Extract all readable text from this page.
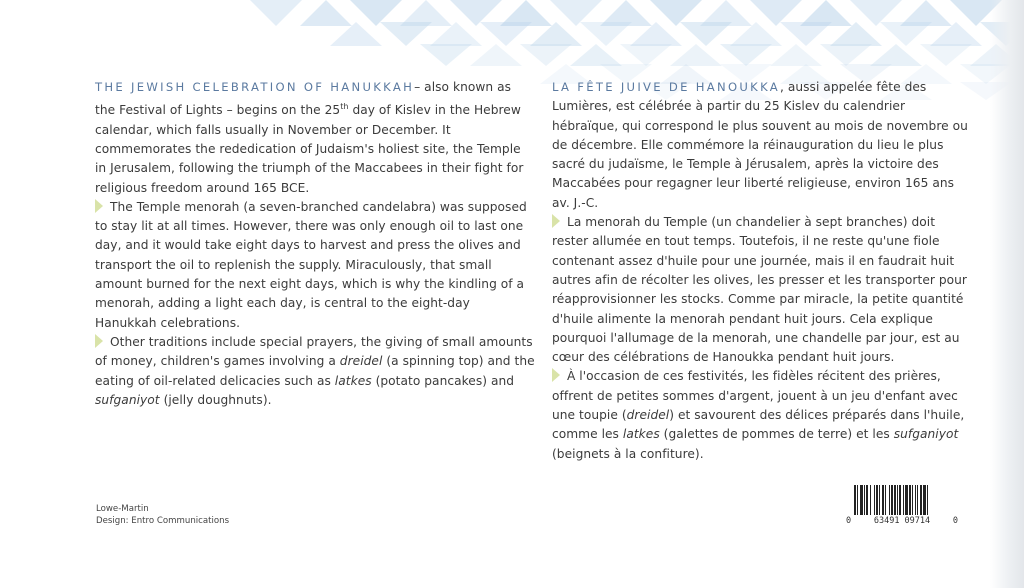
THE JEWISH CELEBRATION OF HANUKKAH– also known as the Festival of Lights – begins on the 25th day of Kislev in the Hebrew calendar, which falls usually in November or December. It commemorates the rededication of Judaism's holiest site, the Temple in Jerusalem, following the triumph of the Maccabees in their fight for religious freedom around 165 BCE.

The Temple menorah (a seven-branched candelabra) was supposed to stay lit at all times. However, there was only enough oil to last one day, and it would take eight days to harvest and press the olives and transport the oil to replenish the supply. Miraculously, that small amount burned for the next eight days, which is why the kindling of a menorah, adding a light each day, is central to the eight-day Hanukkah celebrations.

Other traditions include special prayers, the giving of small amounts of money, children's games involving a dreidel (a spinning top) and the eating of oil-related delicacies such as latkes (potato pancakes) and sufganiyot (jelly doughnuts).

LA FÊTE JUIVE DE HANOUKKA, aussi appelée fête des Lumières, est célébrée à partir du 25 Kislev du calendrier hébraïque, qui correspond le plus souvent au mois de novembre ou de décembre. Elle commémore la réinauguration du lieu le plus sacré du judaïsme, le Temple à Jérusalem, après la victoire des Maccabées pour regagner leur liberté religieuse, environ 165 ans av. J.-C.

La menorah du Temple (un chandelier à sept branches) doit rester allumée en tout temps. Toutefois, il ne reste qu'une fiole contenant assez d'huile pour une journée, mais il en faudrait huit autres afin de récolter les olives, les presser et les transporter pour réapprovisionner les stocks. Comme par miracle, la petite quantité d'huile alimente la menorah pendant huit jours. Cela explique pourquoi l'allumage de la menorah, une chandelle par jour, est au cœur des célébrations de Hanoukka pendant huit jours.

À l'occasion de ces festivités, les fidèles récitent des prières, offrent de petites sommes d'argent, jouent à un jeu d'enfant avec une toupie (dreidel) et savourent des délices préparés dans l'huile, comme les latkes (galettes de pommes de terre) et les sufganiyot (beignets à la confiture).

Lowe-Martin
Design: Entro Communications	0	63491 09714	0
